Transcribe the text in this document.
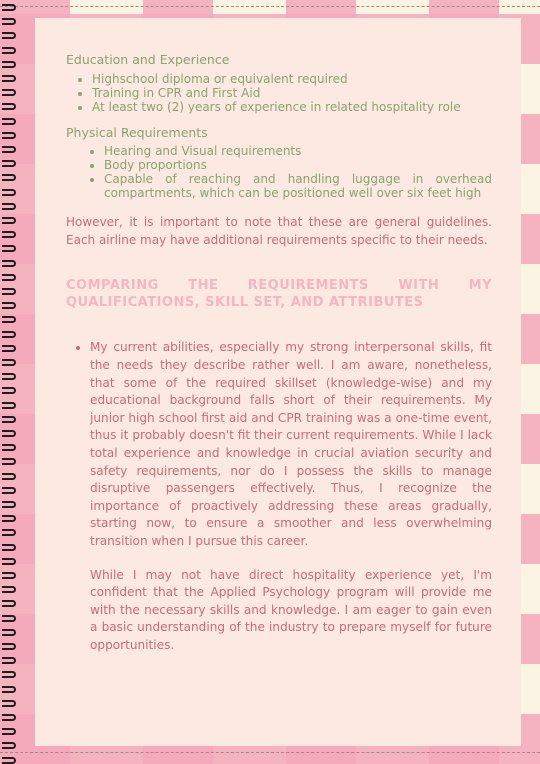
Education and Experience

• Highschool diploma or equivalent required
• Training in CPR and First Aid
• At least two (2) years of experience in related hospitality role

Physical Requirements

• Hearing and Visual requirements
• Body proportions
• Capable of reaching and handling luggage in overhead compartments, which can be positioned well over six feet high

However, it is important to note that these are general guidelines. Each airline may have additional requirements specific to their needs.

COMPARING THE REQUIREMENTS WITH MY QUALIFICATIONS, SKILL SET, AND ATTRIBUTES

• My current abilities, especially my strong interpersonal skills, fit the needs they describe rather well. I am aware, nonetheless, that some of the required skillset (knowledge-wise) and my educational background falls short of their requirements. My junior high school first aid and CPR training was a one-time event, thus it probably doesn't fit their current requirements. While I lack total experience and knowledge in crucial aviation security and safety requirements, nor do I possess the skills to manage disruptive passengers effectively. Thus, I recognize the importance of proactively addressing these areas gradually, starting now, to ensure a smoother and less overwhelming transition when I pursue this career.

While I may not have direct hospitality experience yet, I'm confident that the Applied Psychology program will provide me with the necessary skills and knowledge. I am eager to gain even a basic understanding of the industry to prepare myself for future opportunities.
